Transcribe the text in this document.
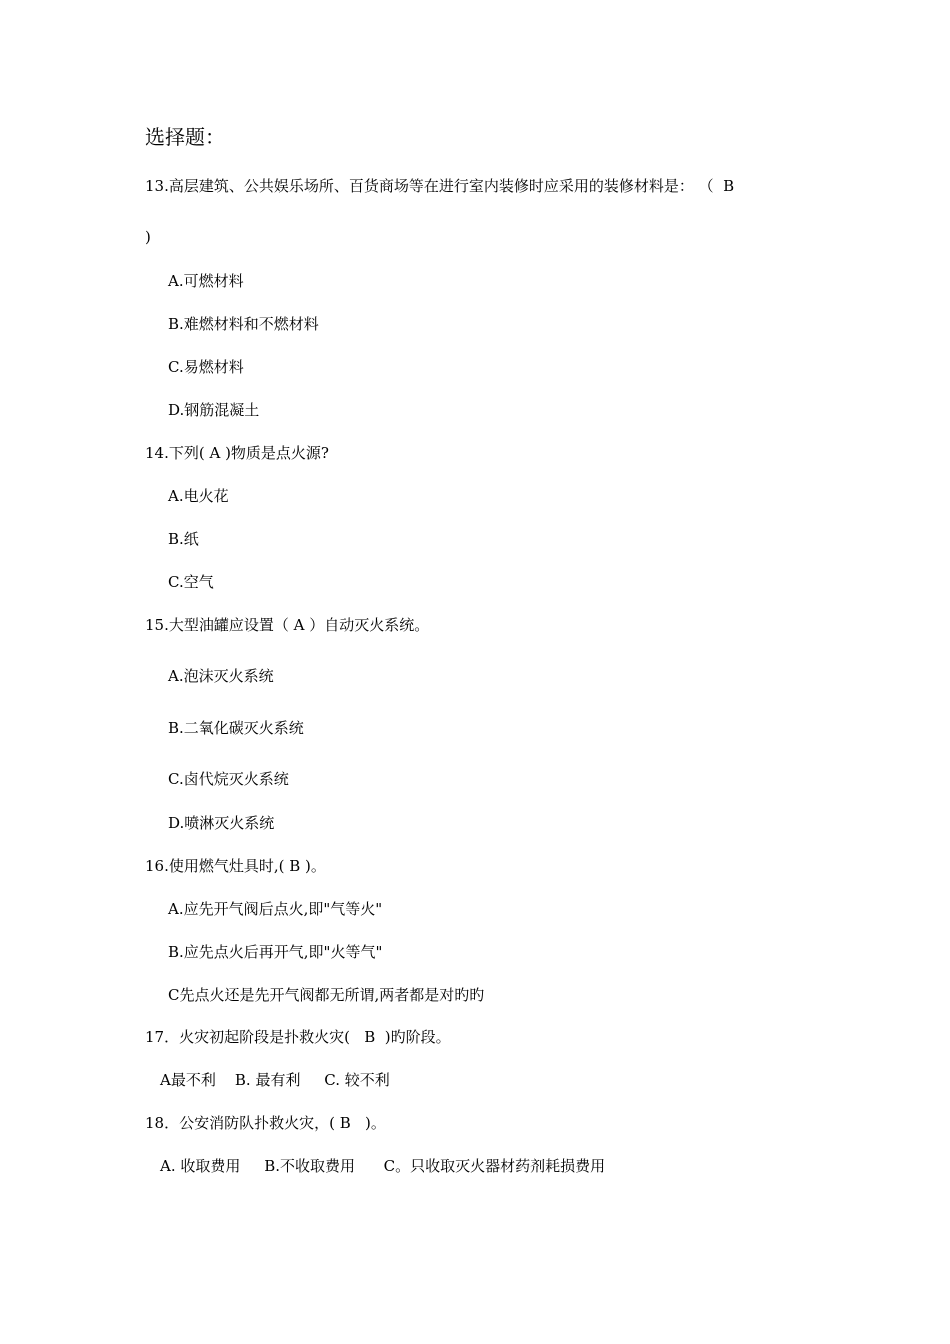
选择题：
13.高层建筑、公共娱乐场所、百货商场等在进行室内装修时应采用的装修材料是： （  B
)
A.可燃材料
B.难燃材料和不燃材料
C.易燃材料
D.钢筋混凝土
14.下列( A )物质是点火源?
A.电火花
B.纸
C.空气
15.大型油罐应设置（ A ）自动灭火系统。
A.泡沫灭火系统
B.二氧化碳灭火系统
C.卤代烷灭火系统
D.喷淋灭火系统
16.使用燃气灶具时,( B )。
A.应先开气阀后点火,即"气等火"
B.应先点火后再开气,即"火等气"
C先点火还是先开气阀都无所谓,两者都是对旳旳
17．火灾初起阶段是扑救火灾(   B  )旳阶段。
A最不利    B. 最有利     C. 较不利
18．公安消防队扑救火灾，( B   )。
A. 收取费用     B.不收取费用      C。只收取灭火器材药剂耗损费用
